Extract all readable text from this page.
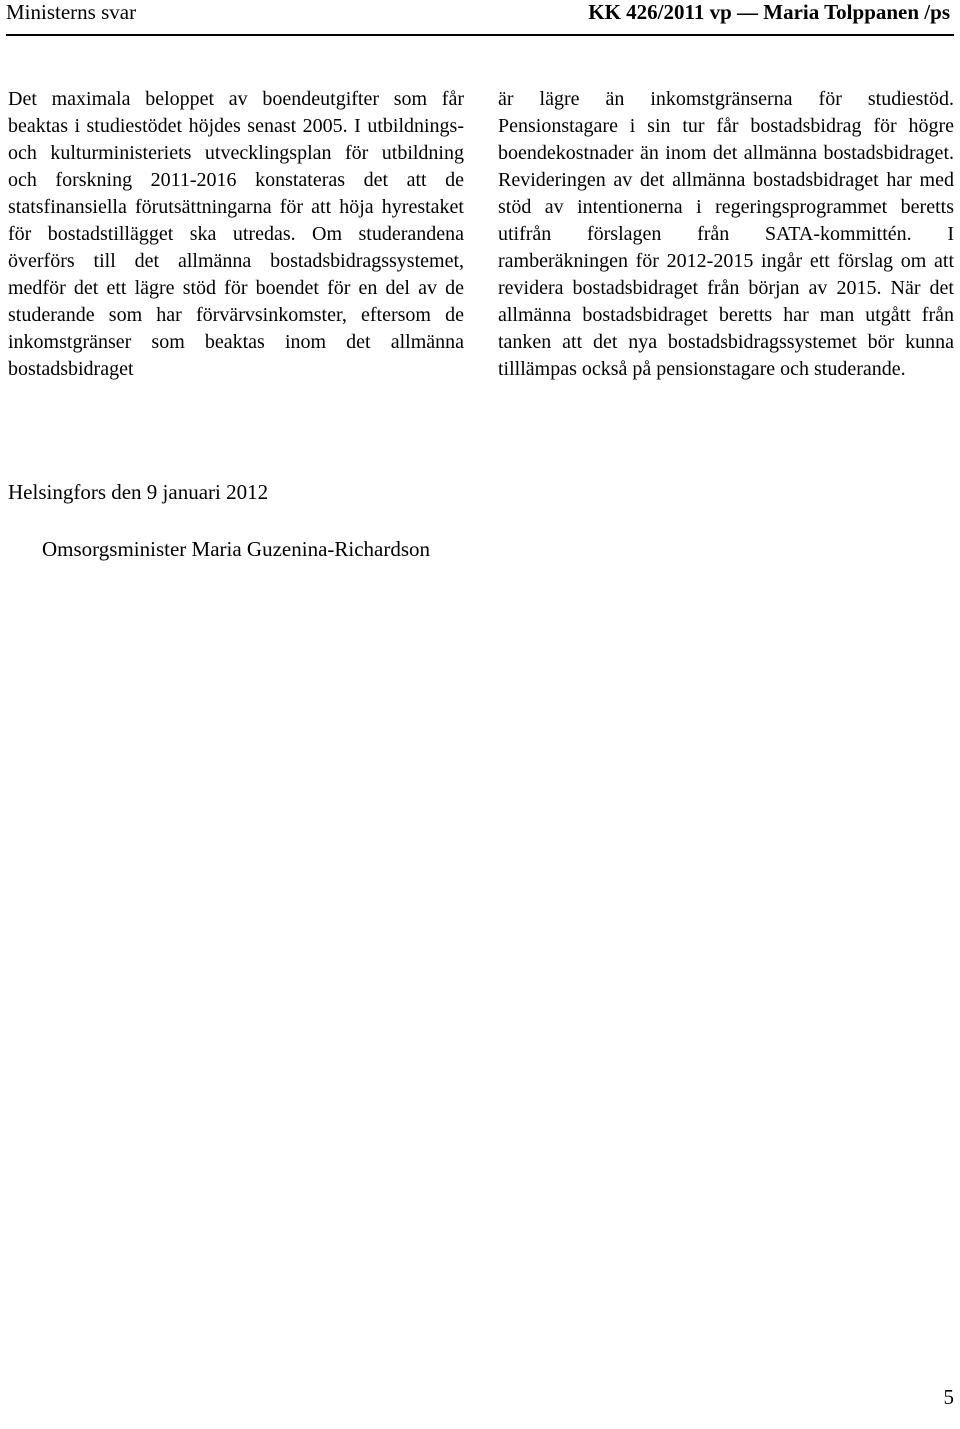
Ministerns svar	KK 426/2011 vp — Maria Tolppanen /ps

Det maximala beloppet av boendeutgifter som får beaktas i studiestödet höjdes senast 2005. I utbildnings- och kulturministeriets utvecklingsplan för utbildning och forskning 2011-2016 konstateras det att de statsfinansiella förutsättningarna för att höja hyrestaket för bostadstillägget ska utredas. Om studerandena överförs till det allmänna bostadsbidragssystemet, medför det ett lägre stöd för boendet för en del av de studerande som har förvärvsinkomster, eftersom de inkomstgränser som beaktas inom det allmänna bostadsbidraget

är lägre än inkomstgränserna för studiestöd. Pensionstagare i sin tur får bostadsbidrag för högre boendekostnader än inom det allmänna bostadsbidraget. Revideringen av det allmänna bostadsbidraget har med stöd av intentionerna i regeringsprogrammet beretts utifrån förslagen från SATA-kommittén. I ramberäkningen för 2012-2015 ingår ett förslag om att revidera bostadsbidraget från början av 2015. När det allmänna bostadsbidraget beretts har man utgått från tanken att det nya bostadsbidragssystemet bör kunna tilllämpas också på pensionstagare och studerande.

Helsingfors den 9 januari 2012
Omsorgsminister Maria Guzenina-Richardson
5
